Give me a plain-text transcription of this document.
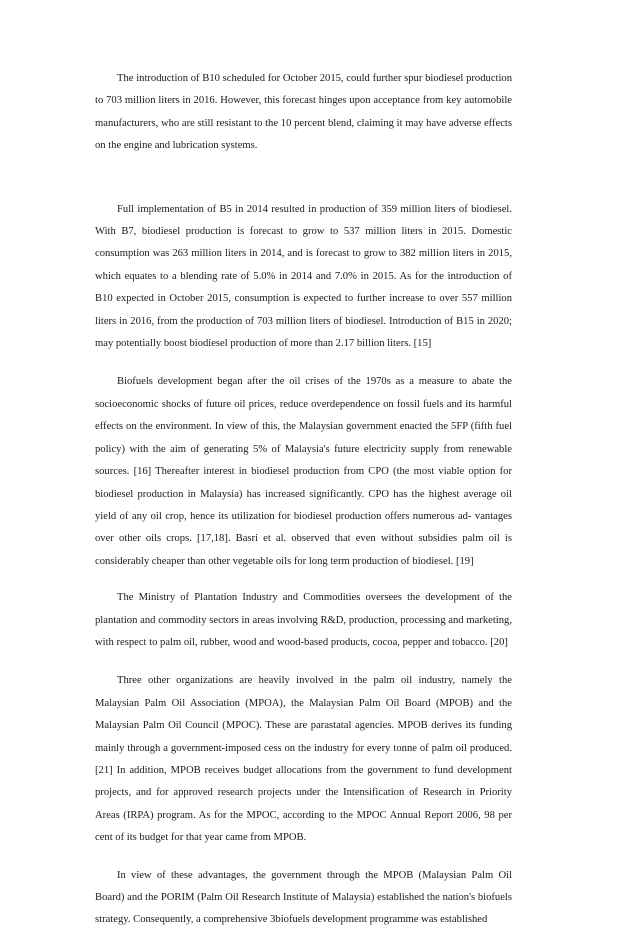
The introduction of B10 scheduled for October 2015, could further spur biodiesel production to 703 million liters in 2016. However, this forecast hinges upon acceptance from key automobile manufacturers, who are still resistant to the 10 percent blend, claiming it may have adverse effects on the engine and lubrication systems.

Full implementation of B5 in 2014 resulted in production of 359 million liters of biodiesel. With B7, biodiesel production is forecast to grow to 537 million liters in 2015. Domestic consumption was 263 million liters in 2014, and is forecast to grow to 382 million liters in 2015, which equates to a blending rate of 5.0% in 2014 and 7.0% in 2015. As for the introduction of B10 expected in October 2015, consumption is expected to further increase to over 557 million liters in 2016, from the production of 703 million liters of biodiesel. Introduction of B15 in 2020; may potentially boost biodiesel production of more than 2.17 billion liters. [15]

Biofuels development began after the oil crises of the 1970s as a measure to abate the socioeconomic shocks of future oil prices, reduce overdependence on fossil fuels and its harmful effects on the environment. In view of this, the Malaysian government enacted the 5FP (fifth fuel policy) with the aim of generating 5% of Malaysia's future electricity supply from renewable sources. [16] Thereafter interest in biodiesel production from CPO (the most viable option for biodiesel production in Malaysia) has increased significantly. CPO has the highest average oil yield of any oil crop, hence its utilization for biodiesel production offers numerous ad- vantages over other oils crops. [17,18]. Basri et al. observed that even without subsidies palm oil is considerably cheaper than other vegetable oils for long term production of biodiesel. [19]

The Ministry of Plantation Industry and Commodities oversees the development of the plantation and commodity sectors in areas involving R&D, production, processing and marketing, with respect to palm oil, rubber, wood and wood-based products, cocoa, pepper and tobacco. [20]

Three other organizations are heavily involved in the palm oil industry, namely the Malaysian Palm Oil Association (MPOA), the Malaysian Palm Oil Board (MPOB) and the Malaysian Palm Oil Council (MPOC). These are parastatal agencies. MPOB derives its funding mainly through a government-imposed cess on the industry for every tonne of palm oil produced. [21] In addition, MPOB receives budget allocations from the government to fund development projects, and for approved research projects under the Intensification of Research in Priority Areas (IRPA) program. As for the MPOC, according to the MPOC Annual Report 2006, 98 per cent of its budget for that year came from MPOB.

In view of these advantages, the government through the MPOB (Malaysian Palm Oil Board) and the PORIM (Palm Oil Research Institute of Malaysia) established the nation's biofuels strategy. Consequently, a comprehensive 3biofuels development programme was established
